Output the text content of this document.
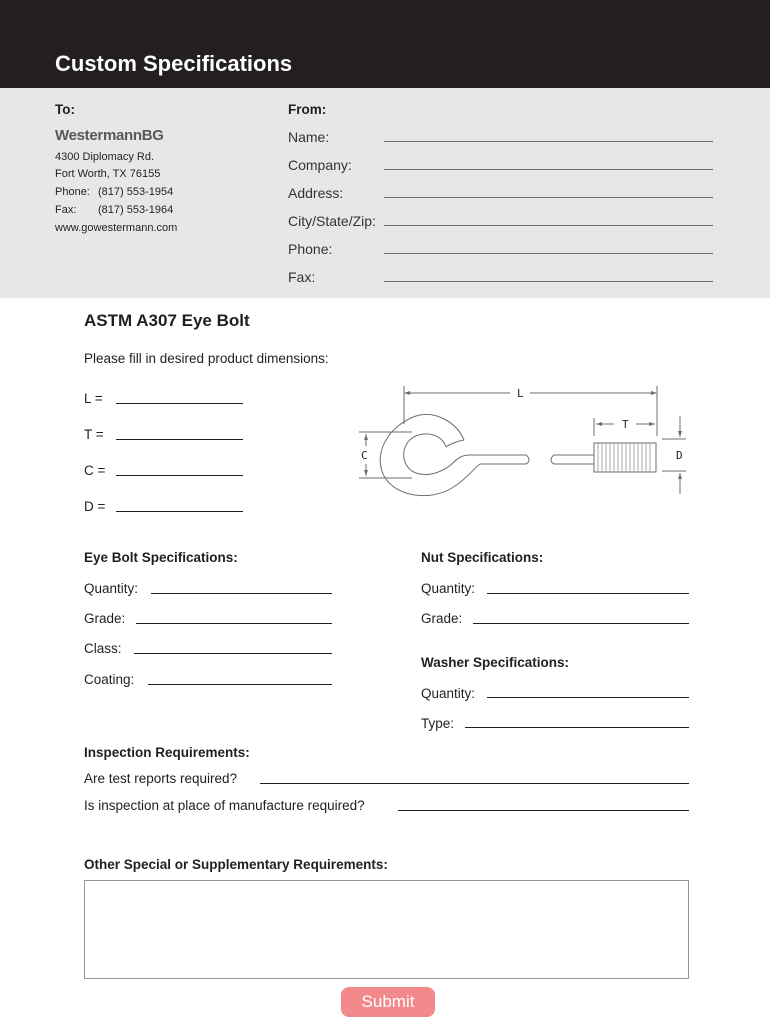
Custom Specifications
To:
WestermannBG
4300 Diplomacy Rd.
Fort Worth, TX 76155
Phone: (817) 553-1954
Fax: (817) 553-1964
www.gowestermann.com
From:
Name:
Company:
Address:
City/State/Zip:
Phone:
Fax:
ASTM A307 Eye Bolt
Please fill in desired product dimensions:
L =
T =
C =
D =
L
T
C	D
Eye Bolt Specifications:
Quantity:
Grade:
Class:
Coating:
Nut Specifications:
Quantity:
Grade:
Washer Specifications:
Quantity:
Type:
Inspection Requirements:
Are test reports required?
Is inspection at place of manufacture required?
Other Special or Supplementary Requirements:
Submit
